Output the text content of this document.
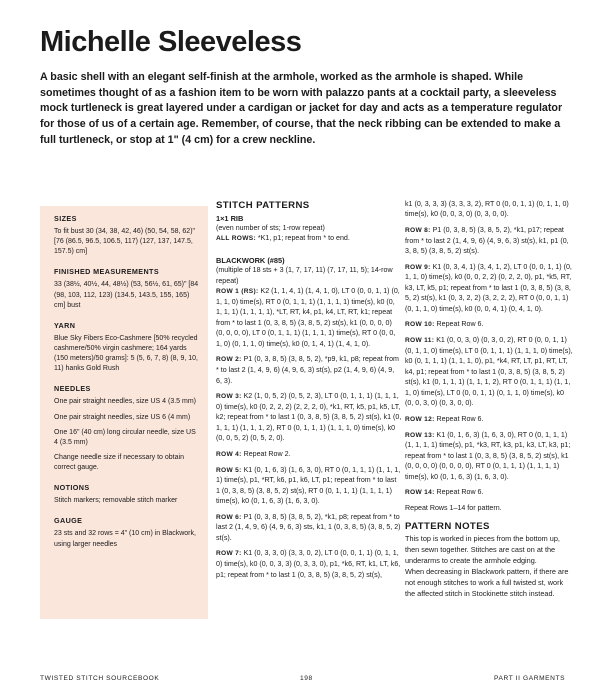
Michelle Sleeveless

A basic shell with an elegant self-finish at the armhole, worked as the armhole is shaped. While sometimes thought of as a fashion item to be worn with palazzo pants at a cocktail party, a sleeveless mock turtleneck is great layered under a cardigan or jacket for day and acts as a temperature regulator for those of us of a certain age. Remember, of course, that the neck ribbing can be extended to make a full turtleneck, or stop at 1" (4 cm) for a crew neckline.

SIZES

To fit bust 30 (34, 38, 42, 46) (50, 54, 58, 62)" [76 (86.5, 96.5, 106.5, 117) (127, 137, 147.5, 157.5) cm]

FINISHED MEASUREMENTS

33 (38½, 40½, 44, 48½) (53, 56½, 61, 65)" [84 (98, 103, 112, 123) (134.5, 143.5, 155, 165) cm] bust

YARN

Blue Sky Fibers Eco-Cashmere [50% recycled cashmere/50% virgin cashmere; 164 yards (150 meters)/50 grams]: 5 (5, 6, 7, 8) (8, 9, 10, 11) hanks Gold Rush

NEEDLES

One pair straight needles, size US 4 (3.5 mm)

One pair straight needles, size US 6 (4 mm)

One 16" (40 cm) long circular needle, size US 4 (3.5 mm)

Change needle size if necessary to obtain correct gauge.

NOTIONS

Stitch markers; removable stitch marker

GAUGE

23 sts and 32 rows = 4" (10 cm) in Blackwork, using larger needles

STITCH PATTERNS
1×1 RIB

(even number of sts; 1-row repeat)

ALL ROWS: *K1, p1; repeat from * to end.

BLACKWORK (#85)

(multiple of 18 sts + 3 (1, 7, 17, 11) (7, 17, 11, 5); 14-row repeat)

ROW 1 (RS): K2 (1, 1, 4, 1) (1, 4, 1, 0), LT 0 (0, 0, 1, 1) (0, 1, 1, 0) time(s), RT 0 (0, 1, 1, 1) (1, 1, 1, 1) time(s), k0 (0, 1, 1, 1) (1, 1, 1, 1), *LT, RT, k4, p1, k4, LT, RT, k1; repeat from * to last 1 (0, 3, 8, 5) (3, 8, 5, 2) st(s), k1 (0, 0, 0, 0) (0, 0, 0, 0), LT 0 (0, 1, 1, 1) (1, 1, 1, 1) time(s), RT 0 (0, 0, 1, 0) (0, 1, 1, 0) time(s), k0 (0, 1, 4, 1) (1, 4, 1, 0).

ROW 2: P1 (0, 3, 8, 5) (3, 8, 5, 2), *p9, k1, p8; repeat from * to last 2 (1, 4, 9, 6) (4, 9, 6, 3) st(s), p2 (1, 4, 9, 6) (4, 9, 6, 3).

ROW 3: K2 (1, 0, 5, 2) (0, 5, 2, 3), LT 0 (0, 1, 1, 1) (1, 1, 1, 0) time(s), k0 (0, 2, 2, 2) (2, 2, 2, 0), *k1, RT, k5, p1, k5, LT, k2; repeat from * to last 1 (0, 3, 8, 5) (3, 8, 5, 2) st(s), k1 (0, 1, 1, 1) (1, 1, 1, 2), RT 0 (0, 1, 1, 1) (1, 1, 1, 0) time(s), k0 (0, 0, 5, 2) (0, 5, 2, 0).

ROW 4: Repeat Row 2.

ROW 5: K1 (0, 1, 6, 3) (1, 6, 3, 0), RT 0 (0, 1, 1, 1) (1, 1, 1, 1) time(s), p1, *RT, k6, p1, k6, LT, p1; repeat from * to last 1 (0, 3, 8, 5) (3, 8, 5, 2) st(s), RT 0 (0, 1, 1, 1) (1, 1, 1, 1) time(s), k0 (0, 1, 6, 3) (1, 6, 3, 0).

ROW 6: P1 (0, 3, 8, 5) (3, 8, 5, 2), *k1, p8; repeat from * to last 2 (1, 4, 9, 6) (4, 9, 6, 3) sts, k1, 1 (0, 3, 8, 5) (3, 8, 5, 2) st(s).

ROW 7: K1 (0, 3, 3, 0) (3, 3, 0, 2), LT 0 (0, 0, 1, 1) (0, 1, 1, 0) time(s), k0 (0, 0, 3, 3) (0, 3, 3, 0), p1, *k6, RT, k1, LT, k6, p1; repeat from * to last 1 (0, 3, 8, 5) (3, 8, 5, 2) st(s),

k1 (0, 3, 3, 3) (3, 3, 3, 2), RT 0 (0, 0, 1, 1) (0, 1, 1, 0) time(s), k0 (0, 0, 3, 0) (0, 3, 0, 0).

ROW 8: P1 (0, 3, 8, 5) (3, 8, 5, 2), *k1, p17; repeat from * to last 2 (1, 4, 9, 6) (4, 9, 6, 3) st(s), k1, p1 (0, 3, 8, 5) (3, 8, 5, 2) st(s).

ROW 9: K1 (0, 3, 4, 1) (3, 4, 1, 2), LT 0 (0, 0, 1, 1) (0, 1, 1, 0) time(s), k0 (0, 0, 2, 2) (0, 2, 2, 0), p1, *k5, RT, k3, LT, k5, p1; repeat from * to last 1 (0, 3, 8, 5) (3, 8, 5, 2) st(s), k1 (0, 3, 2, 2) (3, 2, 2, 2), RT 0 (0, 0, 1, 1) (0, 1, 1, 0) time(s), k0 (0, 0, 4, 1) (0, 4, 1, 0).

ROW 10: Repeat Row 6.

ROW 11: K1 (0, 0, 3, 0) (0, 3, 0, 2), RT 0 (0, 0, 1, 1) (0, 1, 1, 0) time(s), LT 0 (0, 1, 1, 1) (1, 1, 1, 0) time(s), k0 (0, 1, 1, 1) (1, 1, 1, 0), p1, *k4, RT, LT, p1, RT, LT, k4, p1; repeat from * to last 1 (0, 3, 8, 5) (3, 8, 5, 2) st(s), k1 (0, 1, 1, 1) (1, 1, 1, 2), RT 0 (0, 1, 1, 1) (1, 1, 1, 0) time(s), LT 0 (0, 0, 1, 1) (0, 1, 1, 0) time(s), k0 (0, 0, 3, 0) (0, 3, 0, 0).

ROW 12: Repeat Row 6.

ROW 13: K1 (0, 1, 6, 3) (1, 6, 3, 0), RT 0 (0, 1, 1, 1) (1, 1, 1, 1) time(s), p1, *k3, RT, k3, p1, k3, LT, k3, p1; repeat from * to last 1 (0, 3, 8, 5) (3, 8, 5, 2) st(s), k1 (0, 0, 0, 0) (0, 0, 0, 0), RT 0 (0, 1, 1, 1) (1, 1, 1, 1) time(s), k0 (0, 1, 6, 3) (1, 6, 3, 0).

ROW 14: Repeat Row 6.

Repeat Rows 1–14 for pattern.

PATTERN NOTES

This top is worked in pieces from the bottom up, then sewn together. Stitches are cast on at the underarms to create the armhole edging.

When decreasing in Blackwork pattern, if there are not enough stitches to work a full twisted st, work the affected stitch in Stockinette stitch instead.

TWISTED STITCH SOURCEBOOK	198	PART II GARMENTS
